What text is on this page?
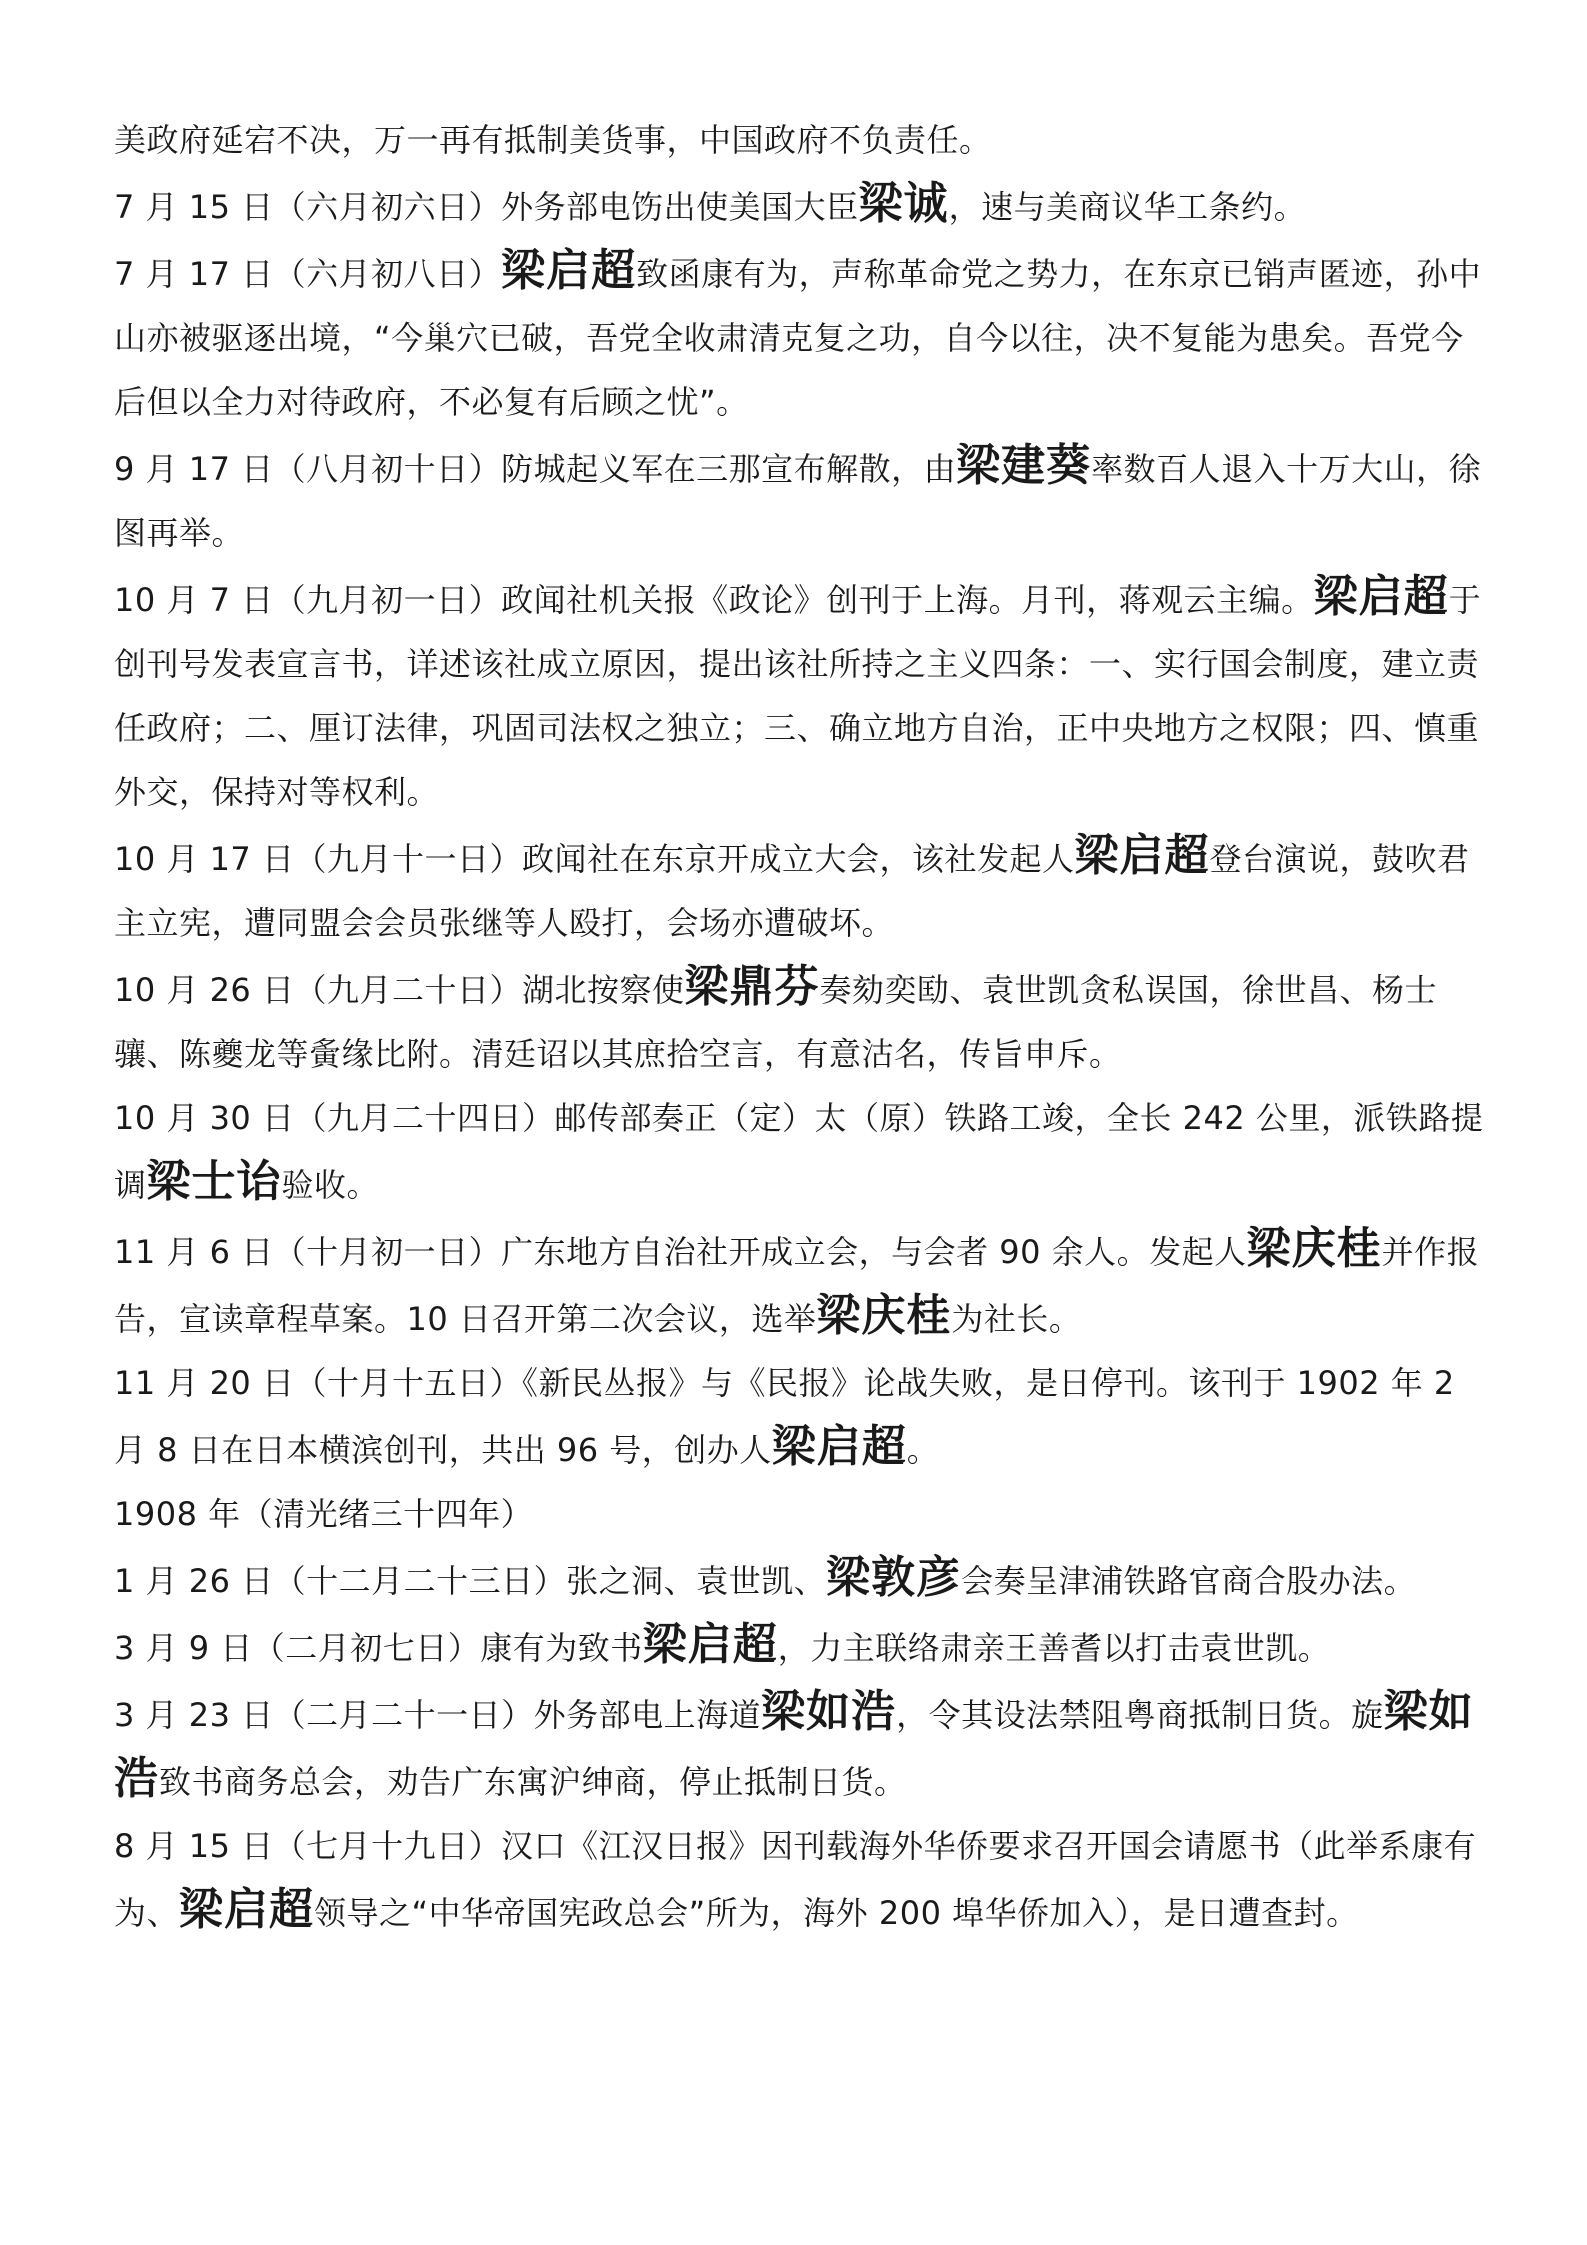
美政府延宕不决，万一再有抵制美货事，中国政府不负责任。

7 月 15 日（六月初六日）外务部电饬出使美国大臣梁诚，速与美商议华工条约。

7 月 17 日（六月初八日）梁启超致函康有为，声称革命党之势力，在东京已销声匿迹，孙中山亦被驱逐出境，“今巢穴已破，吾党全收肃清克复之功，自今以往，决不复能为患矣。吾党今后但以全力对待政府，不必复有后顾之忧”。

9 月 17 日（八月初十日）防城起义军在三那宣布解散，由梁建葵率数百人退入十万大山，徐图再举。

10 月 7 日（九月初一日）政闻社机关报《政论》创刊于上海。月刊，蒋观云主编。梁启超于创刊号发表宣言书，详述该社成立原因，提出该社所持之主义四条：一、实行国会制度，建立责任政府；二、厘订法律，巩固司法权之独立；三、确立地方自治，正中央地方之权限；四、慎重外交，保持对等权利。

10 月 17 日（九月十一日）政闻社在东京开成立大会，该社发起人梁启超登台演说，鼓吹君主立宪，遭同盟会会员张继等人殴打，会场亦遭破坏。

10 月 26 日（九月二十日）湖北按察使梁鼎芬奏劾奕劻、袁世凯贪私误国，徐世昌、杨士骧、陈夔龙等夤缘比附。清廷诏以其庶拾空言，有意沽名，传旨申斥。

10 月 30 日（九月二十四日）邮传部奏正（定）太（原）铁路工竣，全长 242 公里，派铁路提调梁士诒验收。

11 月 6 日（十月初一日）广东地方自治社开成立会，与会者 90 余人。发起人梁庆桂并作报告，宣读章程草案。10 日召开第二次会议，选举梁庆桂为社长。

11 月 20 日（十月十五日）《新民丛报》与《民报》论战失败，是日停刊。该刊于 1902 年 2 月 8 日在日本横滨创刊，共出 96 号，创办人梁启超。

1908 年（清光绪三十四年）

1 月 26 日（十二月二十三日）张之洞、袁世凯、梁敦彦会奏呈津浦铁路官商合股办法。

3 月 9 日（二月初七日）康有为致书梁启超，力主联络肃亲王善耆以打击袁世凯。

3 月 23 日（二月二十一日）外务部电上海道梁如浩，令其设法禁阻粤商抵制日货。旋梁如浩致书商务总会，劝告广东寓沪绅商，停止抵制日货。

8 月 15 日（七月十九日）汉口《江汉日报》因刊载海外华侨要求召开国会请愿书（此举系康有为、梁启超领导之“中华帝国宪政总会”所为，海外 200 埠华侨加入），是日遭查封。
